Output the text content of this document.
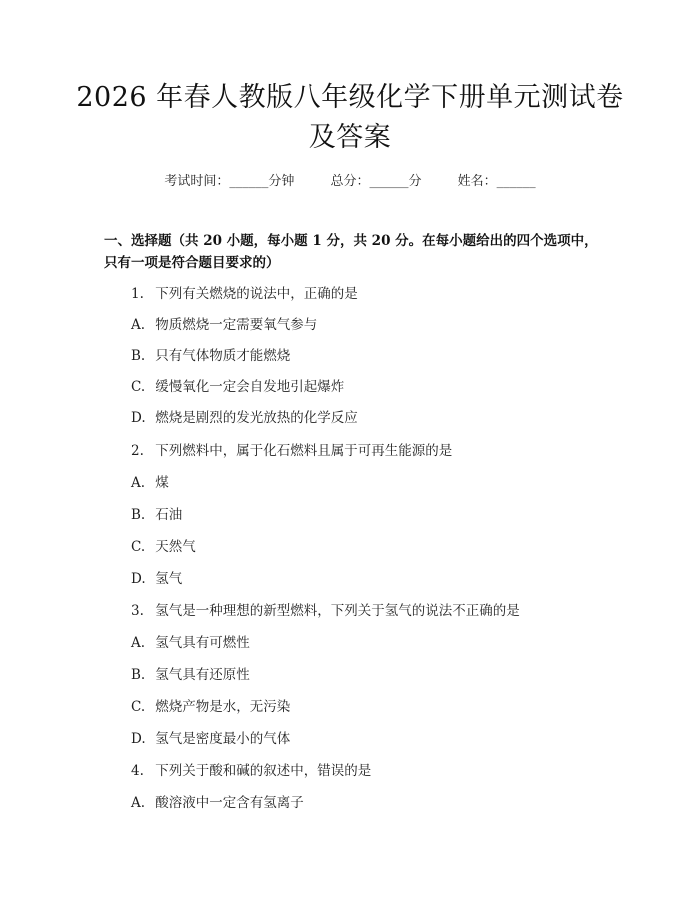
2026 年春人教版八年级化学下册单元测试卷
及答案
考试时间：______分钟	总分：______分	姓名：______
一、选择题（共 20 小题，每小题 1 分，共 20 分。在每小题给出的四个选项中，
只有一项是符合题目要求的）
1. 下列有关燃烧的说法中，正确的是
A. 物质燃烧一定需要氧气参与
B. 只有气体物质才能燃烧
C. 缓慢氧化一定会自发地引起爆炸
D. 燃烧是剧烈的发光放热的化学反应
2. 下列燃料中，属于化石燃料且属于可再生能源的是
A. 煤
B. 石油
C. 天然气
D. 氢气
3. 氢气是一种理想的新型燃料，下列关于氢气的说法不正确的是
A. 氢气具有可燃性
B. 氢气具有还原性
C. 燃烧产物是水，无污染
D. 氢气是密度最小的气体
4. 下列关于酸和碱的叙述中，错误的是
A. 酸溶液中一定含有氢离子
